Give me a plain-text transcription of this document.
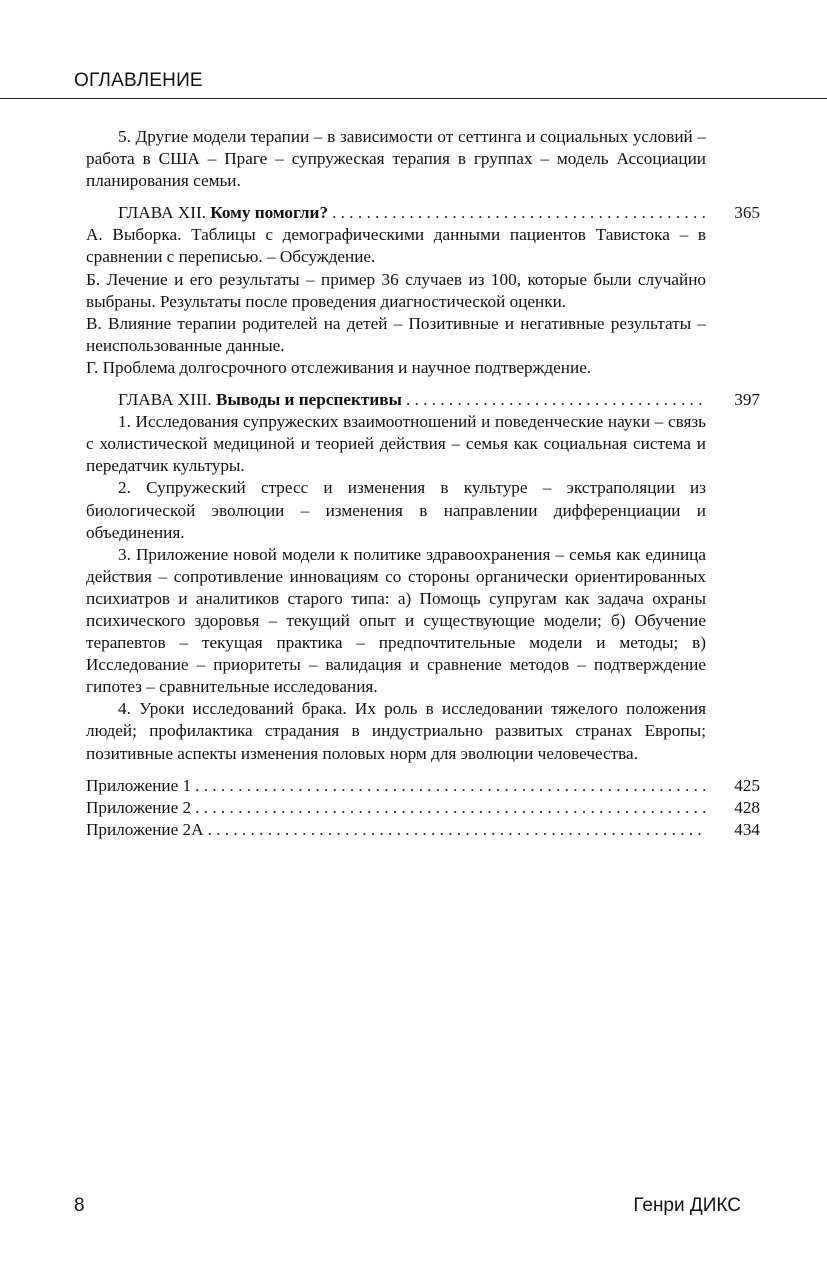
ОГЛАВЛЕНИЕ

5. Другие модели терапии – в зависимости от сеттинга и социальных условий – работа в США – Праге – супружеская терапия в группах – модель Ассоциации планирования семьи.

ГЛАВА XII. Кому помогли? . . .	365

А. Выборка. Таблицы с демографическими данными пациентов Тавистока – в сравнении с переписью. – Обсуждение.

Б. Лечение и его результаты – пример 36 случаев из 100, которые были случайно выбраны. Результаты после проведения диагностической оценки.

В. Влияние терапии родителей на детей – Позитивные и негативные результаты – неиспользованные данные.

Г. Проблема долгосрочного отслеживания и научное подтверждение.

ГЛАВА XIII. Выводы и перспективы . . .	397

1. Исследования супружеских взаимоотношений и поведенческие науки – связь с холистической медициной и теорией действия – семья как социальная система и передатчик культуры.

2. Супружеский стресс и изменения в культуре – экстраполяции из биологической эволюции – изменения в направлении дифференциации и объединения.

3. Приложение новой модели к политике здравоохранения – семья как единица действия – сопротивление инновациям со стороны органически ориентированных психиатров и аналитиков старого типа: а) Помощь супругам как задача охраны психического здоровья – текущий опыт и существующие модели; б) Обучение терапевтов – текущая практика – предпочтительные модели и методы; в) Исследование – приоритеты – валидация и сравнение методов – подтверждение гипотез – сравнительные исследования.

4. Уроки исследований брака. Их роль в исследовании тяжелого положения людей; профилактика страдания в индустриально развитых странах Европы; позитивные аспекты изменения половых норм для эволюции человечества.

Приложение 1 . . .	425
Приложение 2 . . .	428
Приложение 2А . . .	434
8	Генри ДИКС
